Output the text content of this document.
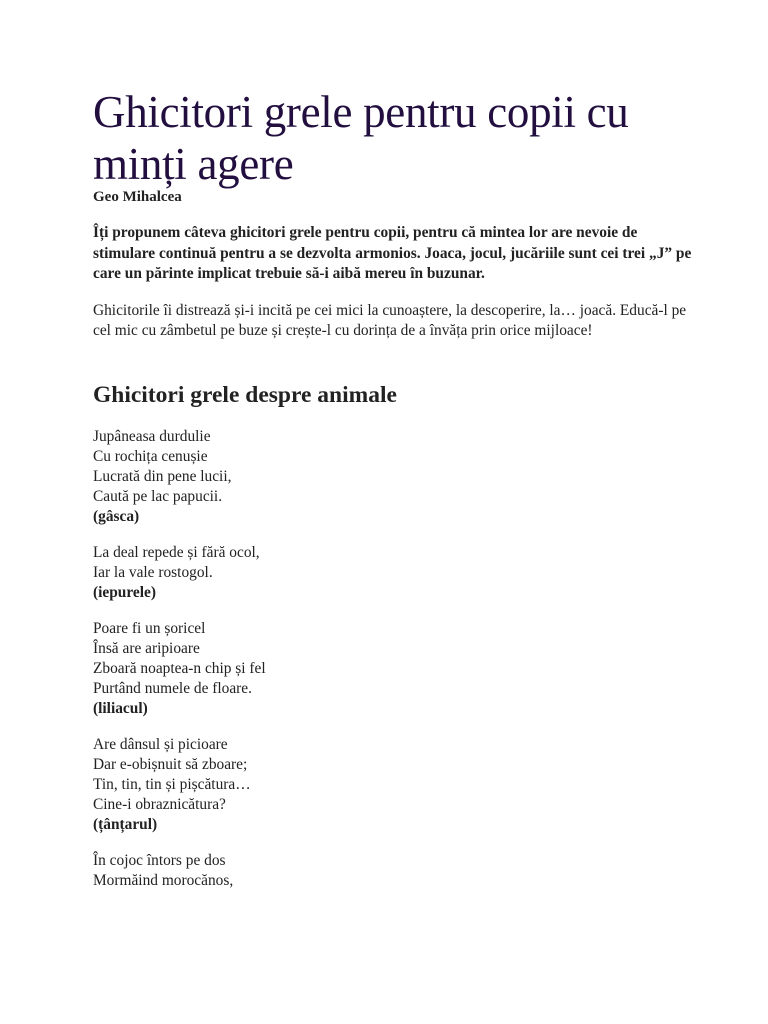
Ghicitori grele pentru copii cu minți agere

Geo Mihalcea

Îți propunem câteva ghicitori grele pentru copii, pentru că mintea lor are nevoie de stimulare continuă pentru a se dezvolta armonios. Joaca, jocul, jucăriile sunt cei trei „J” pe care un părinte implicat trebuie să-i aibă mereu în buzunar.

Ghicitorile îi distrează și-i incită pe cei mici la cunoaștere, la descoperire, la… joacă. Educă-l pe cel mic cu zâmbetul pe buze și crește-l cu dorința de a învăța prin orice mijloace!

Ghicitori grele despre animale
Jupâneasa durdulie
Cu rochița cenușie
Lucrată din pene lucii,
Caută pe lac papucii.
(gâsca)
La deal repede și fără ocol,
Iar la vale rostogol.
(iepurele)
Poare fi un șoricel
Însă are aripioare
Zboară noaptea-n chip și fel
Purtând numele de floare.
(liliacul)
Are dânsul și picioare
Dar e-obișnuit să zboare;
Tin, tin, tin și pișcătura…
Cine-i obraznicătura?
(țânțarul)
În cojoc întors pe dos
Mormăind morocănos,
